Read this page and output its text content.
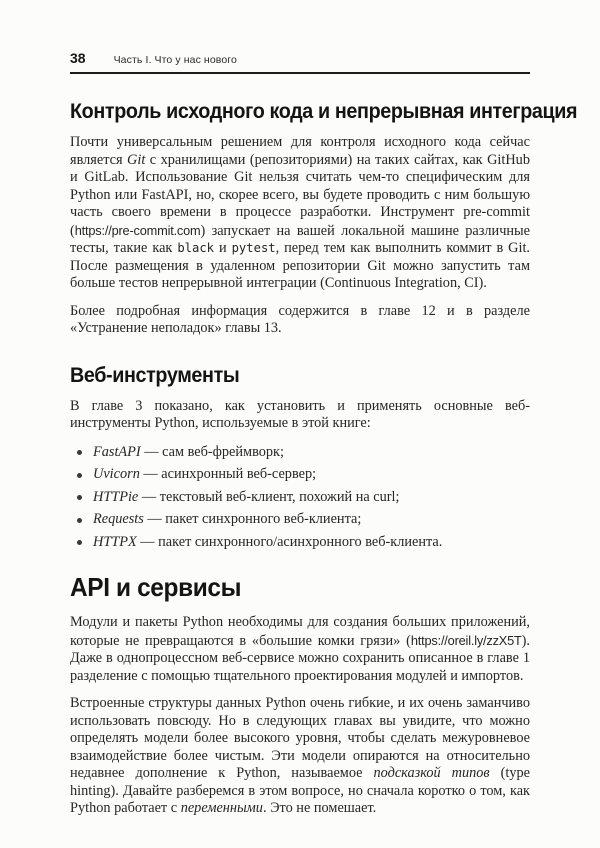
38	Часть I. Что у нас нового
Контроль исходного кода и непрерывная интеграция

Почти универсальным решением для контроля исходного кода сейчас является Git с хранилищами (репозиториями) на таких сайтах, как GitHub и GitLab. Использование Git нельзя считать чем-то специфическим для Python или FastAPI, но, скорее всего, вы будете проводить с ним большую часть своего времени в процессе разработки. Инструмент pre-commit (https://pre-commit.com) запускает на вашей локальной машине различные тесты, такие как black и pytest, перед тем как выполнить коммит в Git. После размещения в удаленном репозитории Git можно запустить там больше тестов непрерывной интеграции (Continuous Integration, CI).

Более подробная информация содержится в главе 12 и в разделе «Устранение неполадок» главы 13.

Веб-инструменты

В главе 3 показано, как установить и применять основные веб-инструменты Python, используемые в этой книге:

FastAPI — сам веб-фреймворк;
Uvicorn — асинхронный веб-сервер;
HTTPie — текстовый веб-клиент, похожий на curl;
Requests — пакет синхронного веб-клиента;
HTTPX — пакет синхронного/асинхронного веб-клиента.
API и сервисы

Модули и пакеты Python необходимы для создания больших приложений, которые не превращаются в «большие комки грязи» (https://oreil.ly/zzX5T). Даже в однопроцессном веб-сервисе можно сохранить описанное в главе 1 разделение с помощью тщательного проектирования модулей и импортов.

Встроенные структуры данных Python очень гибкие, и их очень заманчиво использовать повсюду. Но в следующих главах вы увидите, что можно определять модели более высокого уровня, чтобы сделать межуровневое взаимодействие более чистым. Эти модели опираются на относительно недавнее дополнение к Python, называемое подсказкой типов (type hinting). Давайте разберемся в этом вопросе, но сначала коротко о том, как Python работает с переменными. Это не помешает.
